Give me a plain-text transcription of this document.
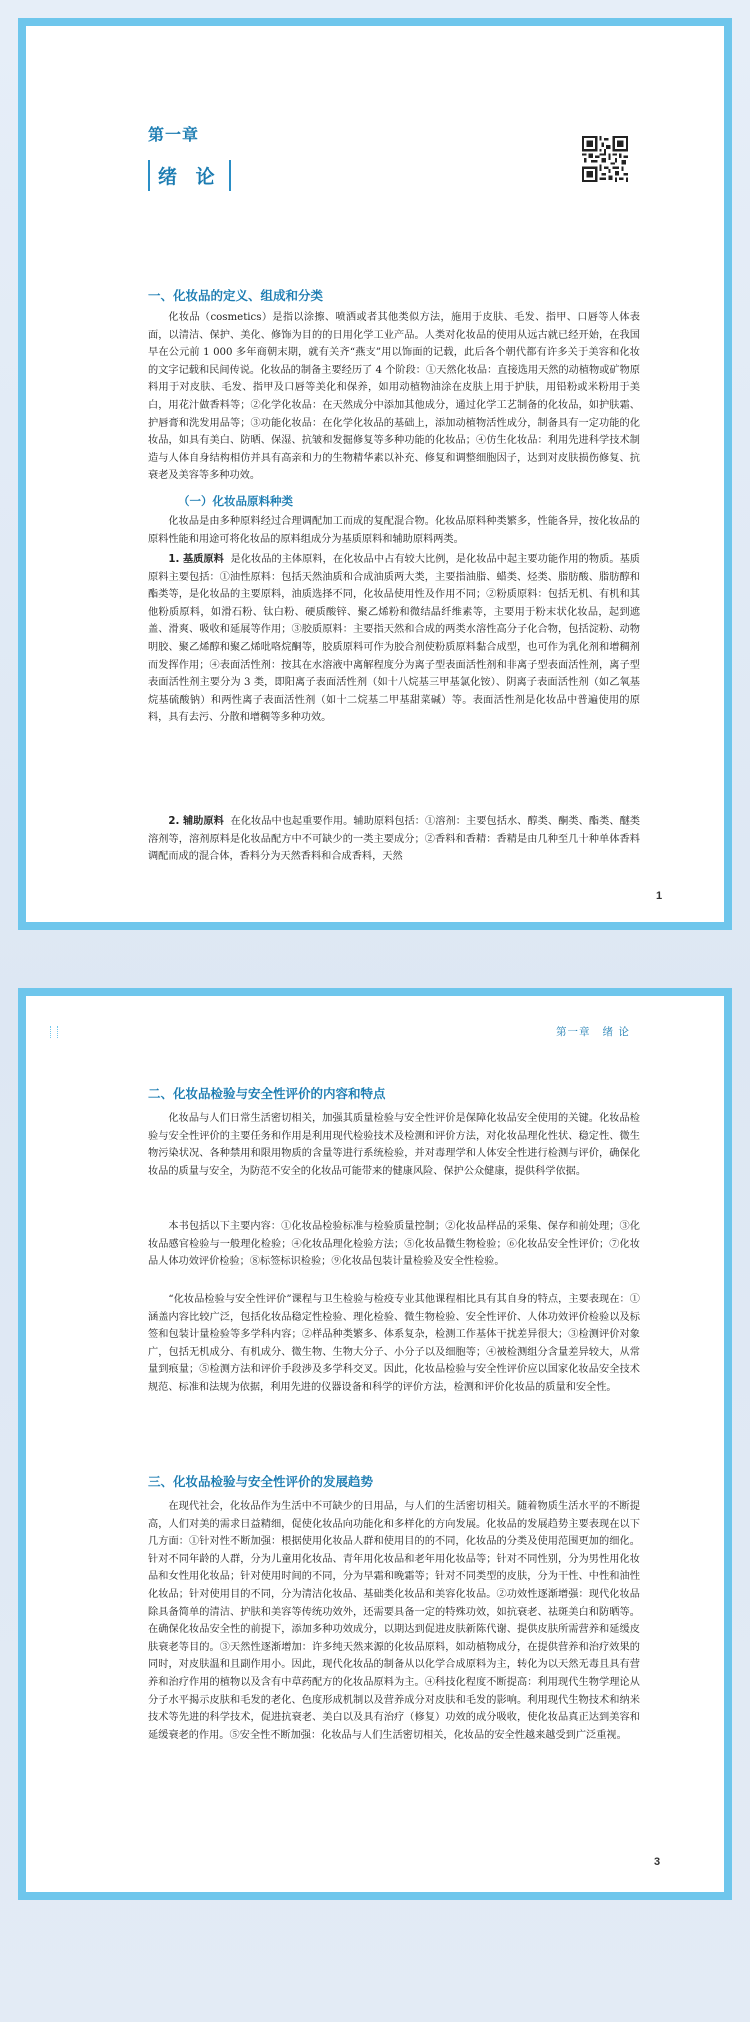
第一章
绪 论
一、化妆品的定义、组成和分类

化妆品（cosmetics）是指以涂擦、喷洒或者其他类似方法，施用于皮肤、毛发、指甲、口唇等人体表面，以清洁、保护、美化、修饰为目的的日用化学工业产品。人类对化妆品的使用从远古就已经开始，在我国早在公元前 1 000 多年商朝末期，就有关齐“燕支”用以饰面的记载，此后各个朝代都有许多关于美容和化妆的文字记载和民间传说。化妆品的制备主要经历了 4 个阶段：①天然化妆品：直接选用天然的动植物或矿物原料用于对皮肤、毛发、指甲及口唇等美化和保养，如用动植物油涂在皮肤上用于护肤，用铅粉或米粉用于美白，用花汁做香料等；②化学化妆品：在天然成分中添加其他成分，通过化学工艺制备的化妆品，如护肤霜、护唇膏和洗发用品等；③功能化妆品：在化学化妆品的基础上，添加动植物活性成分，制备具有一定功能的化妆品，如具有美白、防晒、保湿、抗皱和发掘修复等多种功能的化妆品；④仿生化妆品：利用先进科学技术制造与人体自身结构相仿并具有高亲和力的生物精华素以补充、修复和调整细胞因子，达到对皮肤损伤修复、抗衰老及美容等多种功效。

（一）化妆品原料种类

化妆品是由多种原料经过合理调配加工而成的复配混合物。化妆品原料种类繁多，性能各异，按化妆品的原料性能和用途可将化妆品的原料组成分为基质原料和辅助原料两类。

1. 基质原料 是化妆品的主体原料，在化妆品中占有较大比例，是化妆品中起主要功能作用的物质。基质原料主要包括：①油性原料：包括天然油质和合成油质两大类，主要指油脂、蜡类、烃类、脂肪酸、脂肪醇和酯类等，是化妆品的主要原料，油质选择不同，化妆品使用性及作用不同；②粉质原料：包括无机、有机和其他粉质原料，如滑石粉、钛白粉、硬质酸锌、聚乙烯粉和微结晶纤维素等，主要用于粉末状化妆品，起到遮盖、滑爽、吸收和延展等作用；③胶质原料：主要指天然和合成的两类水溶性高分子化合物，包括淀粉、动物明胶、聚乙烯醇和聚乙烯吡咯烷酮等，胶质原料可作为胶合剂使粉质原料黏合成型，也可作为乳化剂和增稠剂而发挥作用；④表面活性剂：按其在水溶液中离解程度分为离子型表面活性剂和非离子型表面活性剂，离子型表面活性剂主要分为 3 类，即阳离子表面活性剂（如十八烷基三甲基氯化铵）、阴离子表面活性剂（如乙氧基烷基硫酸钠）和两性离子表面活性剂（如十二烷基二甲基甜菜碱）等。表面活性剂是化妆品中普遍使用的原料，具有去污、分散和增稠等多种功效。

2. 辅助原料 在化妆品中也起重要作用。辅助原料包括：①溶剂：主要包括水、醇类、酮类、酯类、醚类溶剂等，溶剂原料是化妆品配方中不可缺少的一类主要成分；②香料和香精：香精是由几种至几十种单体香料调配而成的混合体，香料分为天然香料和合成香料，天然

1
第一章 绪 论
二、化妆品检验与安全性评价的内容和特点

化妆品与人们日常生活密切相关，加强其质量检验与安全性评价是保障化妆品安全使用的关键。化妆品检验与安全性评价的主要任务和作用是利用现代检验技术及检测和评价方法，对化妆品理化性状、稳定性、微生物污染状况、各种禁用和限用物质的含量等进行系统检验，并对毒理学和人体安全性进行检测与评价，确保化妆品的质量与安全，为防范不安全的化妆品可能带来的健康风险、保护公众健康，提供科学依据。

本书包括以下主要内容：①化妆品检验标准与检验质量控制；②化妆品样品的采集、保存和前处理；③化妆品感官检验与一般理化检验；④化妆品理化检验方法；⑤化妆品微生物检验；⑥化妆品安全性评价；⑦化妆品人体功效评价检验；⑧标签标识检验；⑨化妆品包装计量检验及安全性检验。

“化妆品检验与安全性评价”课程与卫生检验与检疫专业其他课程相比具有其自身的特点，主要表现在：①涵盖内容比较广泛，包括化妆品稳定性检验、理化检验、微生物检验、安全性评价、人体功效评价检验以及标签和包装计量检验等多学科内容；②样品种类繁多、体系复杂，检测工作基体干扰差异很大；③检测评价对象广，包括无机成分、有机成分、微生物、生物大分子、小分子以及细胞等；④被检测组分含量差异较大，从常量到痕量；⑤检测方法和评价手段涉及多学科交叉。因此，化妆品检验与安全性评价应以国家化妆品安全技术规范、标准和法规为依据，利用先进的仪器设备和科学的评价方法，检测和评价化妆品的质量和安全性。

三、化妆品检验与安全性评价的发展趋势

在现代社会，化妆品作为生活中不可缺少的日用品，与人们的生活密切相关。随着物质生活水平的不断提高，人们对美的需求日益精细，促使化妆品向功能化和多样化的方向发展。化妆品的发展趋势主要表现在以下几方面：①针对性不断加强：根据使用化妆品人群和使用目的的不同，化妆品的分类及使用范围更加的细化。针对不同年龄的人群，分为儿童用化妆品、青年用化妆品和老年用化妆品等；针对不同性别，分为男性用化妆品和女性用化妆品；针对使用时间的不同，分为早霜和晚霜等；针对不同类型的皮肤，分为干性、中性和油性化妆品；针对使用目的不同，分为清洁化妆品、基础类化妆品和美容化妆品。②功效性逐渐增强：现代化妆品除具备简单的清洁、护肤和美容等传统功效外，还需要具备一定的特殊功效，如抗衰老、祛斑美白和防晒等。在确保化妆品安全性的前提下，添加多种功效成分，以期达到促进皮肤新陈代谢、提供皮肤所需营养和延缓皮肤衰老等目的。③天然性逐渐增加：许多纯天然来源的化妆品原料，如动植物成分，在提供营养和治疗效果的同时，对皮肤温和且副作用小。因此，现代化妆品的制备从以化学合成原料为主，转化为以天然无毒且具有营养和治疗作用的植物以及含有中草药配方的化妆品原料为主。④科技化程度不断提高：利用现代生物学理论从分子水平揭示皮肤和毛发的老化、色度形成机制以及营养成分对皮肤和毛发的影响。利用现代生物技术和纳米技术等先进的科学技术，促进抗衰老、美白以及具有治疗（修复）功效的成分吸收，使化妆品真正达到美容和延缓衰老的作用。⑤安全性不断加强：化妆品与人们生活密切相关，化妆品的安全性越来越受到广泛重视。

3
